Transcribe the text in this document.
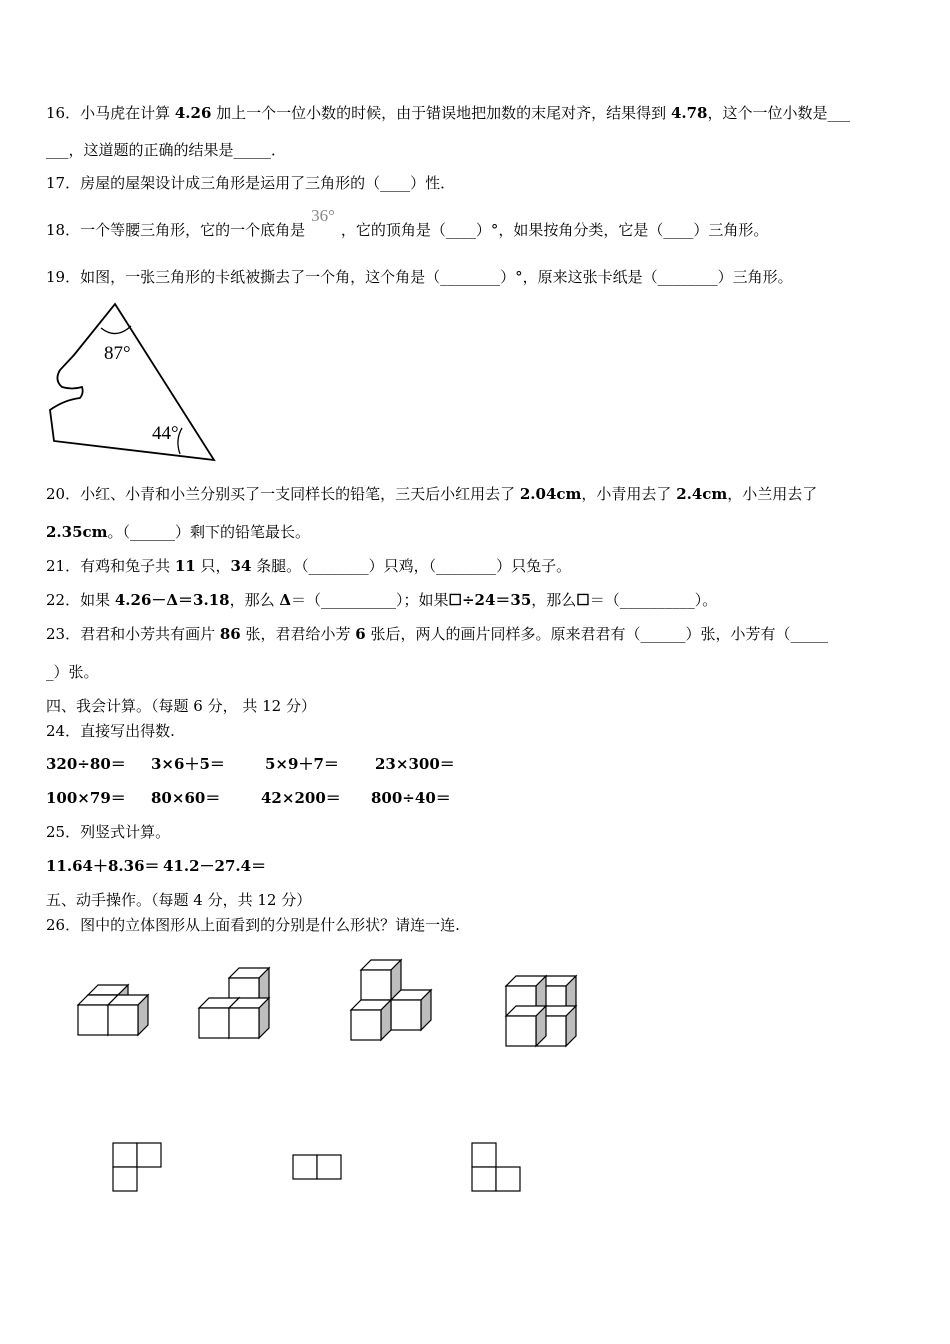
16．小马虎在计算 4.26 加上一个一位小数的时候，由于错误地把加数的末尾对齐，结果得到 4.78，这个一位小数是___
___，这道题的正确的结果是_____．
17．房屋的屋架设计成三角形是运用了三角形的（____）性．
18．一个等腰三角形，它的一个底角是36°，它的顶角是（____）°，如果按角分类，它是（____）三角形。
19．如图，一张三角形的卡纸被撕去了一个角，这个角是（________）°，原来这张卡纸是（________）三角形。
87°
44°
20．小红、小青和小兰分别买了一支同样长的铅笔，三天后小红用去了 2.04cm，小青用去了 2.4cm，小兰用去了
2.35cm。（______）剩下的铅笔最长。
21．有鸡和兔子共 11 只，34 条腿。（________）只鸡，（________）只兔子。
22．如果 4.26－Δ＝3.18，那么 Δ＝（__________）；如果☐÷24＝35，那么☐＝（__________）。
23．君君和小芳共有画片 86 张，君君给小芳 6 张后，两人的画片同样多。原来君君有（______）张，小芳有（_____
_）张。
四、我会计算。（每题 6 分， 共 12 分）
24．直接写出得数.
320÷80＝ 3×6＋5＝	5×9＋7＝ 23×300＝
100×79＝ 80×60＝	42×200＝ 800÷40＝
25．列竖式计算。
11.64＋8.36＝ 41.2－27.4＝
五、动手操作。（每题 4 分，共 12 分）
26．图中的立体图形从上面看到的分别是什么形状？请连一连.
